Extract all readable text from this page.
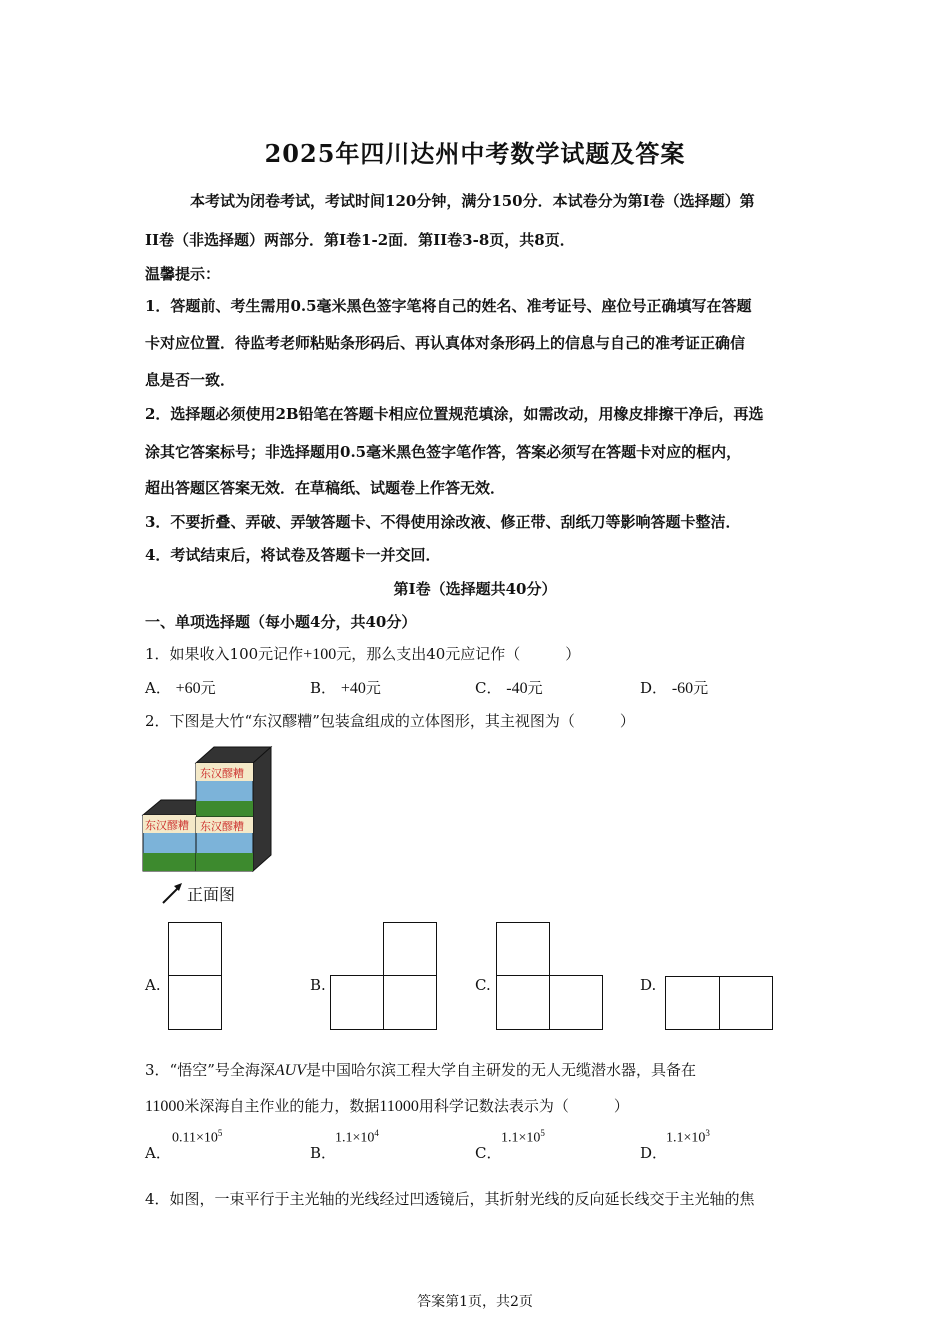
2025年四川达州中考数学试题及答案
本考试为闭卷考试，考试时间120分钟，满分150分．本试卷分为第Ⅰ卷（选择题）第
II卷（非选择题）两部分．第Ⅰ卷1-2面．第II卷3-8页，共8页．
温馨提示：
1．答题前、考生需用0.5毫米黑色签字笔将自己的姓名、准考证号、座位号正确填写在答题
卡对应位置．待监考老师粘贴条形码后、再认真体对条形码上的信息与自己的准考证正确信
息是否一致．
2．选择题必须使用2B铅笔在答题卡相应位置规范填涂，如需改动，用橡皮排擦干净后，再选
涂其它答案标号；非选择题用0.5毫米黑色签字笔作答，答案必须写在答题卡对应的框内，
超出答题区答案无效．在草稿纸、试题卷上作答无效．
3．不要折叠、弄破、弄皱答题卡、不得使用涂改液、修正带、刮纸刀等影响答题卡整洁．
4．考试结束后，将试卷及答题卡一并交回．
第Ⅰ卷（选择题共40分）
一、单项选择题（每小题4分，共40分）
1．如果收入100元记作+100元，那么支出40元应记作（　　　）
A． +60元	B． +40元	C． -40元	D． -60元
2．下图是大竹“东汉醪糟”包装盒组成的立体图形，其主视图为（　　　）
东汉醪糟
东汉醪糟 东汉醪糟
正面图
A.	B.	C.	D.
3．“悟空”号全海深AUV是中国哈尔滨工程大学自主研发的无人无缆潜水器，具备在
11000米深海自主作业的能力，数据11000用科学记数法表示为（　　　）
A．
$0.11\times 10^5$
B．
$1.1\times 10^4$
C．
$1.1\times 10^5$
D．
$1.1\times 10^3$
4．如图，一束平行于主光轴的光线经过凹透镜后，其折射光线的反向延长线交于主光轴的焦
答案第1页，共2页
